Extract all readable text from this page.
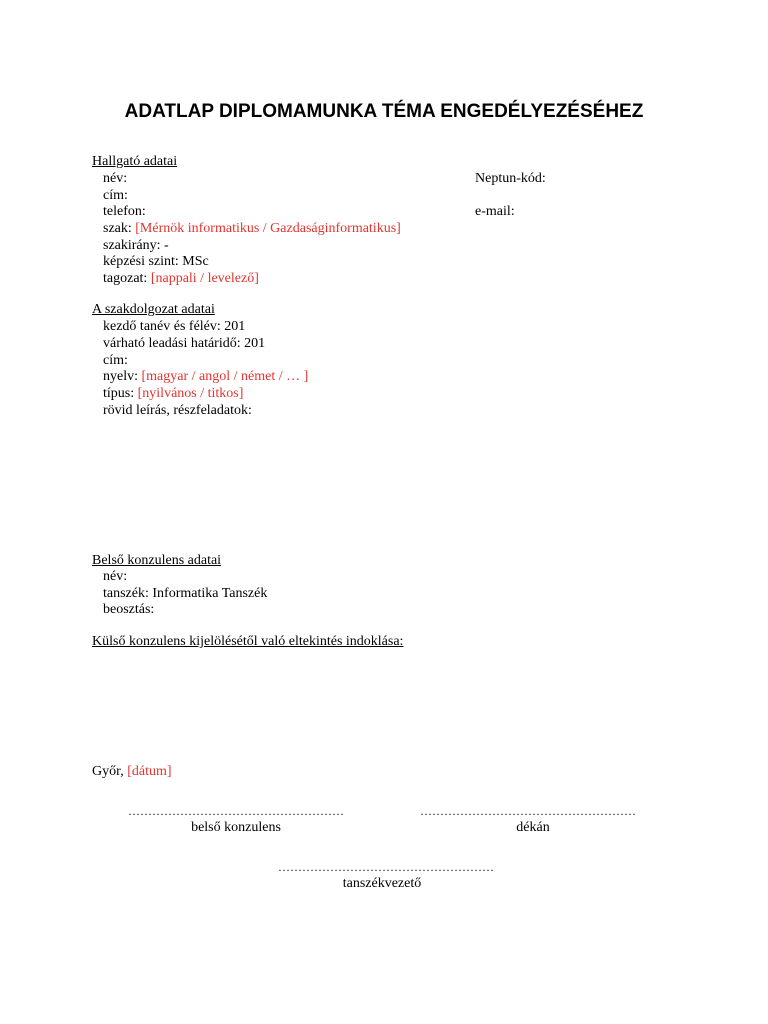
ADATLAP DIPLOMAMUNKA TÉMA ENGEDÉLYEZÉSÉHEZ
Hallgató adatai
név:	Neptun-kód:
cím:
telefon:	e-mail:
szak: [Mérnök informatikus / Gazdaságinformatikus]
szakirány: -
képzési szint: MSc
tagozat: [nappali / levelező]
A szakdolgozat adatai
kezdő tanév és félév: 201
várható leadási határidő: 201
cím:
nyelv: [magyar / angol / német / … ]
típus: [nyilvános / titkos]
rövid leírás, részfeladatok:
Belső konzulens adatai
név:
tanszék: Informatika Tanszék
beosztás:
Külső konzulens kijelölésétől való eltekintés indoklása:
Győr, [dátum]
………………………………………………
belső konzulens
………………………………………………
dékán
………………………………………………
tanszékvezető
